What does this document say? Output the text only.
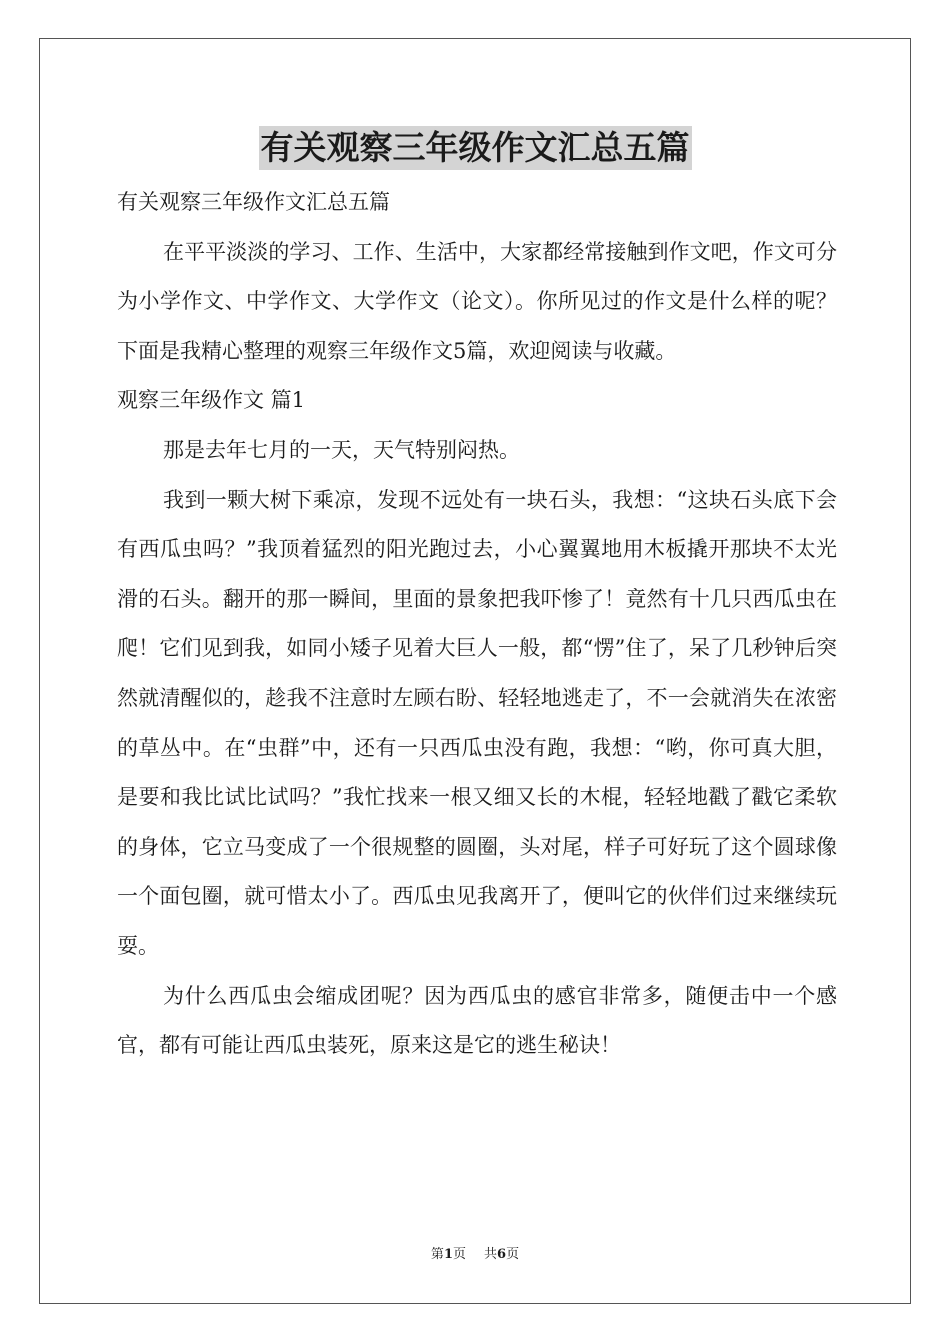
有关观察三年级作文汇总五篇

有关观察三年级作文汇总五篇

在平平淡淡的学习、工作、生活中，大家都经常接触到作文吧，作文可分为小学作文、中学作文、大学作文（论文）。你所见过的作文是什么样的呢？下面是我精心整理的观察三年级作文5篇，欢迎阅读与收藏。

观察三年级作文 篇1

那是去年七月的一天，天气特别闷热。

我到一颗大树下乘凉，发现不远处有一块石头，我想：“这块石头底下会有西瓜虫吗？”我顶着猛烈的阳光跑过去，小心翼翼地用木板撬开那块不太光滑的石头。翻开的那一瞬间，里面的景象把我吓惨了！竟然有十几只西瓜虫在爬！它们见到我，如同小矮子见着大巨人一般，都“愣”住了，呆了几秒钟后突然就清醒似的，趁我不注意时左顾右盼、轻轻地逃走了，不一会就消失在浓密的草丛中。在“虫群”中，还有一只西瓜虫没有跑，我想：“哟，你可真大胆，是要和我比试比试吗？”我忙找来一根又细又长的木棍，轻轻地戳了戳它柔软的身体，它立马变成了一个很规整的圆圈，头对尾，样子可好玩了这个圆球像一个面包圈，就可惜太小了。西瓜虫见我离开了，便叫它的伙伴们过来继续玩耍。

为什么西瓜虫会缩成团呢？因为西瓜虫的感官非常多，随便击中一个感官，都有可能让西瓜虫装死，原来这是它的逃生秘诀！

第1页 共6页
